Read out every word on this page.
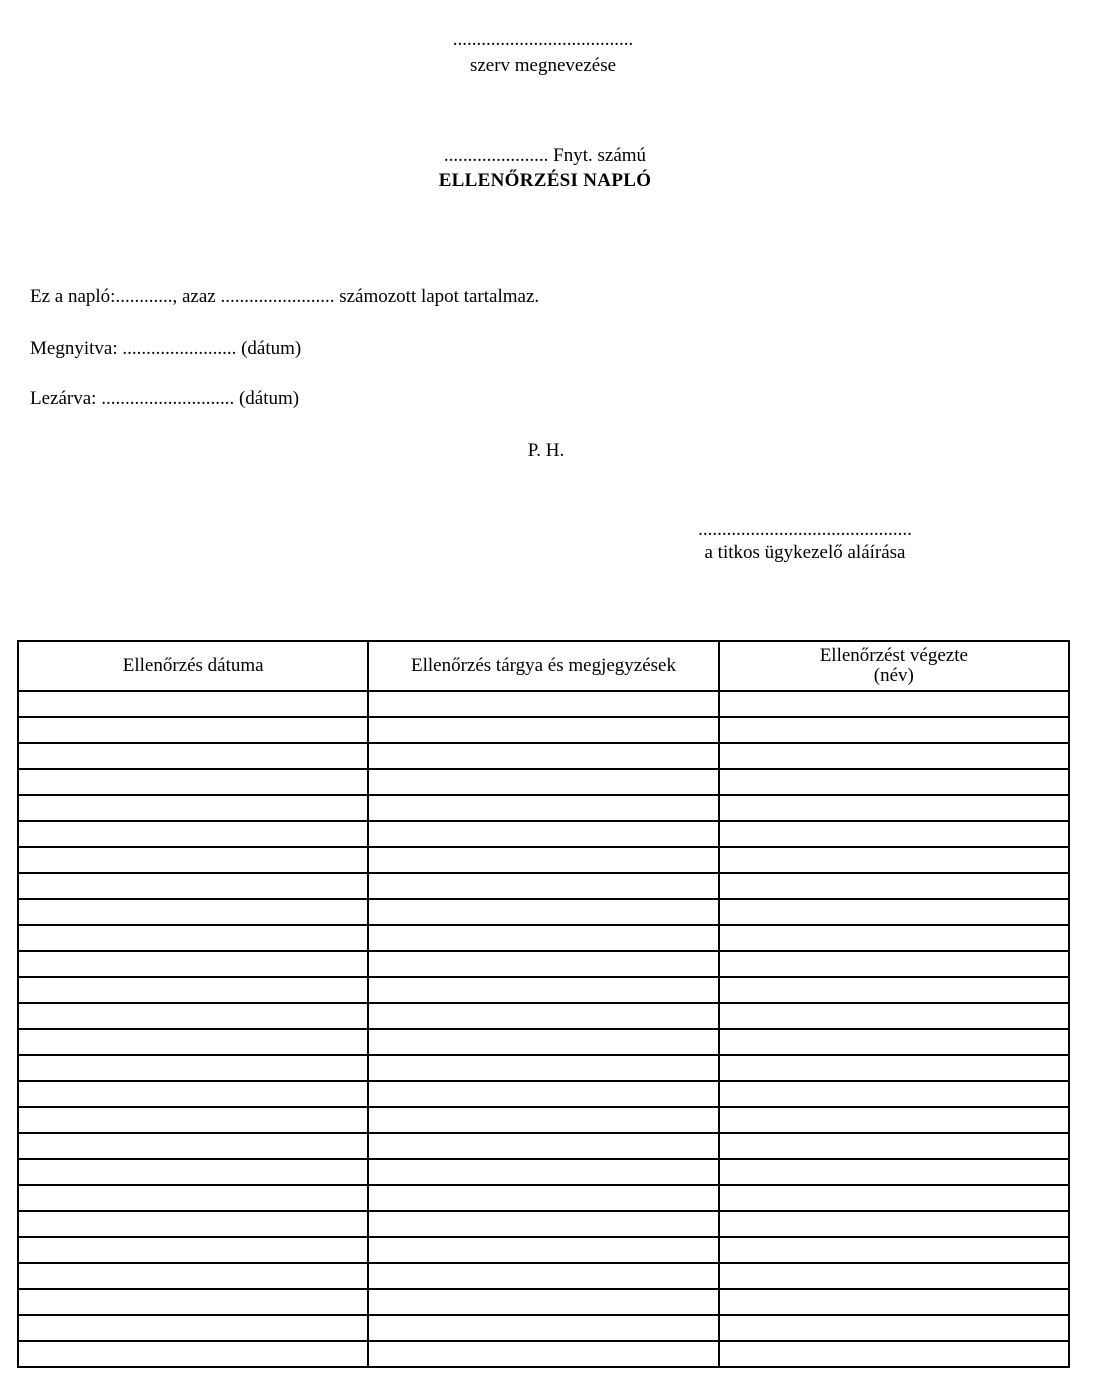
......................................
szerv megnevezése
...................... Fnyt. számú
ELLENŐRZÉSI NAPLÓ
Ez a napló:............, azaz ........................ számozott lapot tartalmaz.
Megnyitva: ........................ (dátum)
Lezárva: ............................ (dátum)
P. H.
.............................................
a titkos ügykezelő aláírása
Ellenőrzés dátuma	Ellenőrzés tárgya és megjegyzések	Ellenőrzést végezte
(név)
